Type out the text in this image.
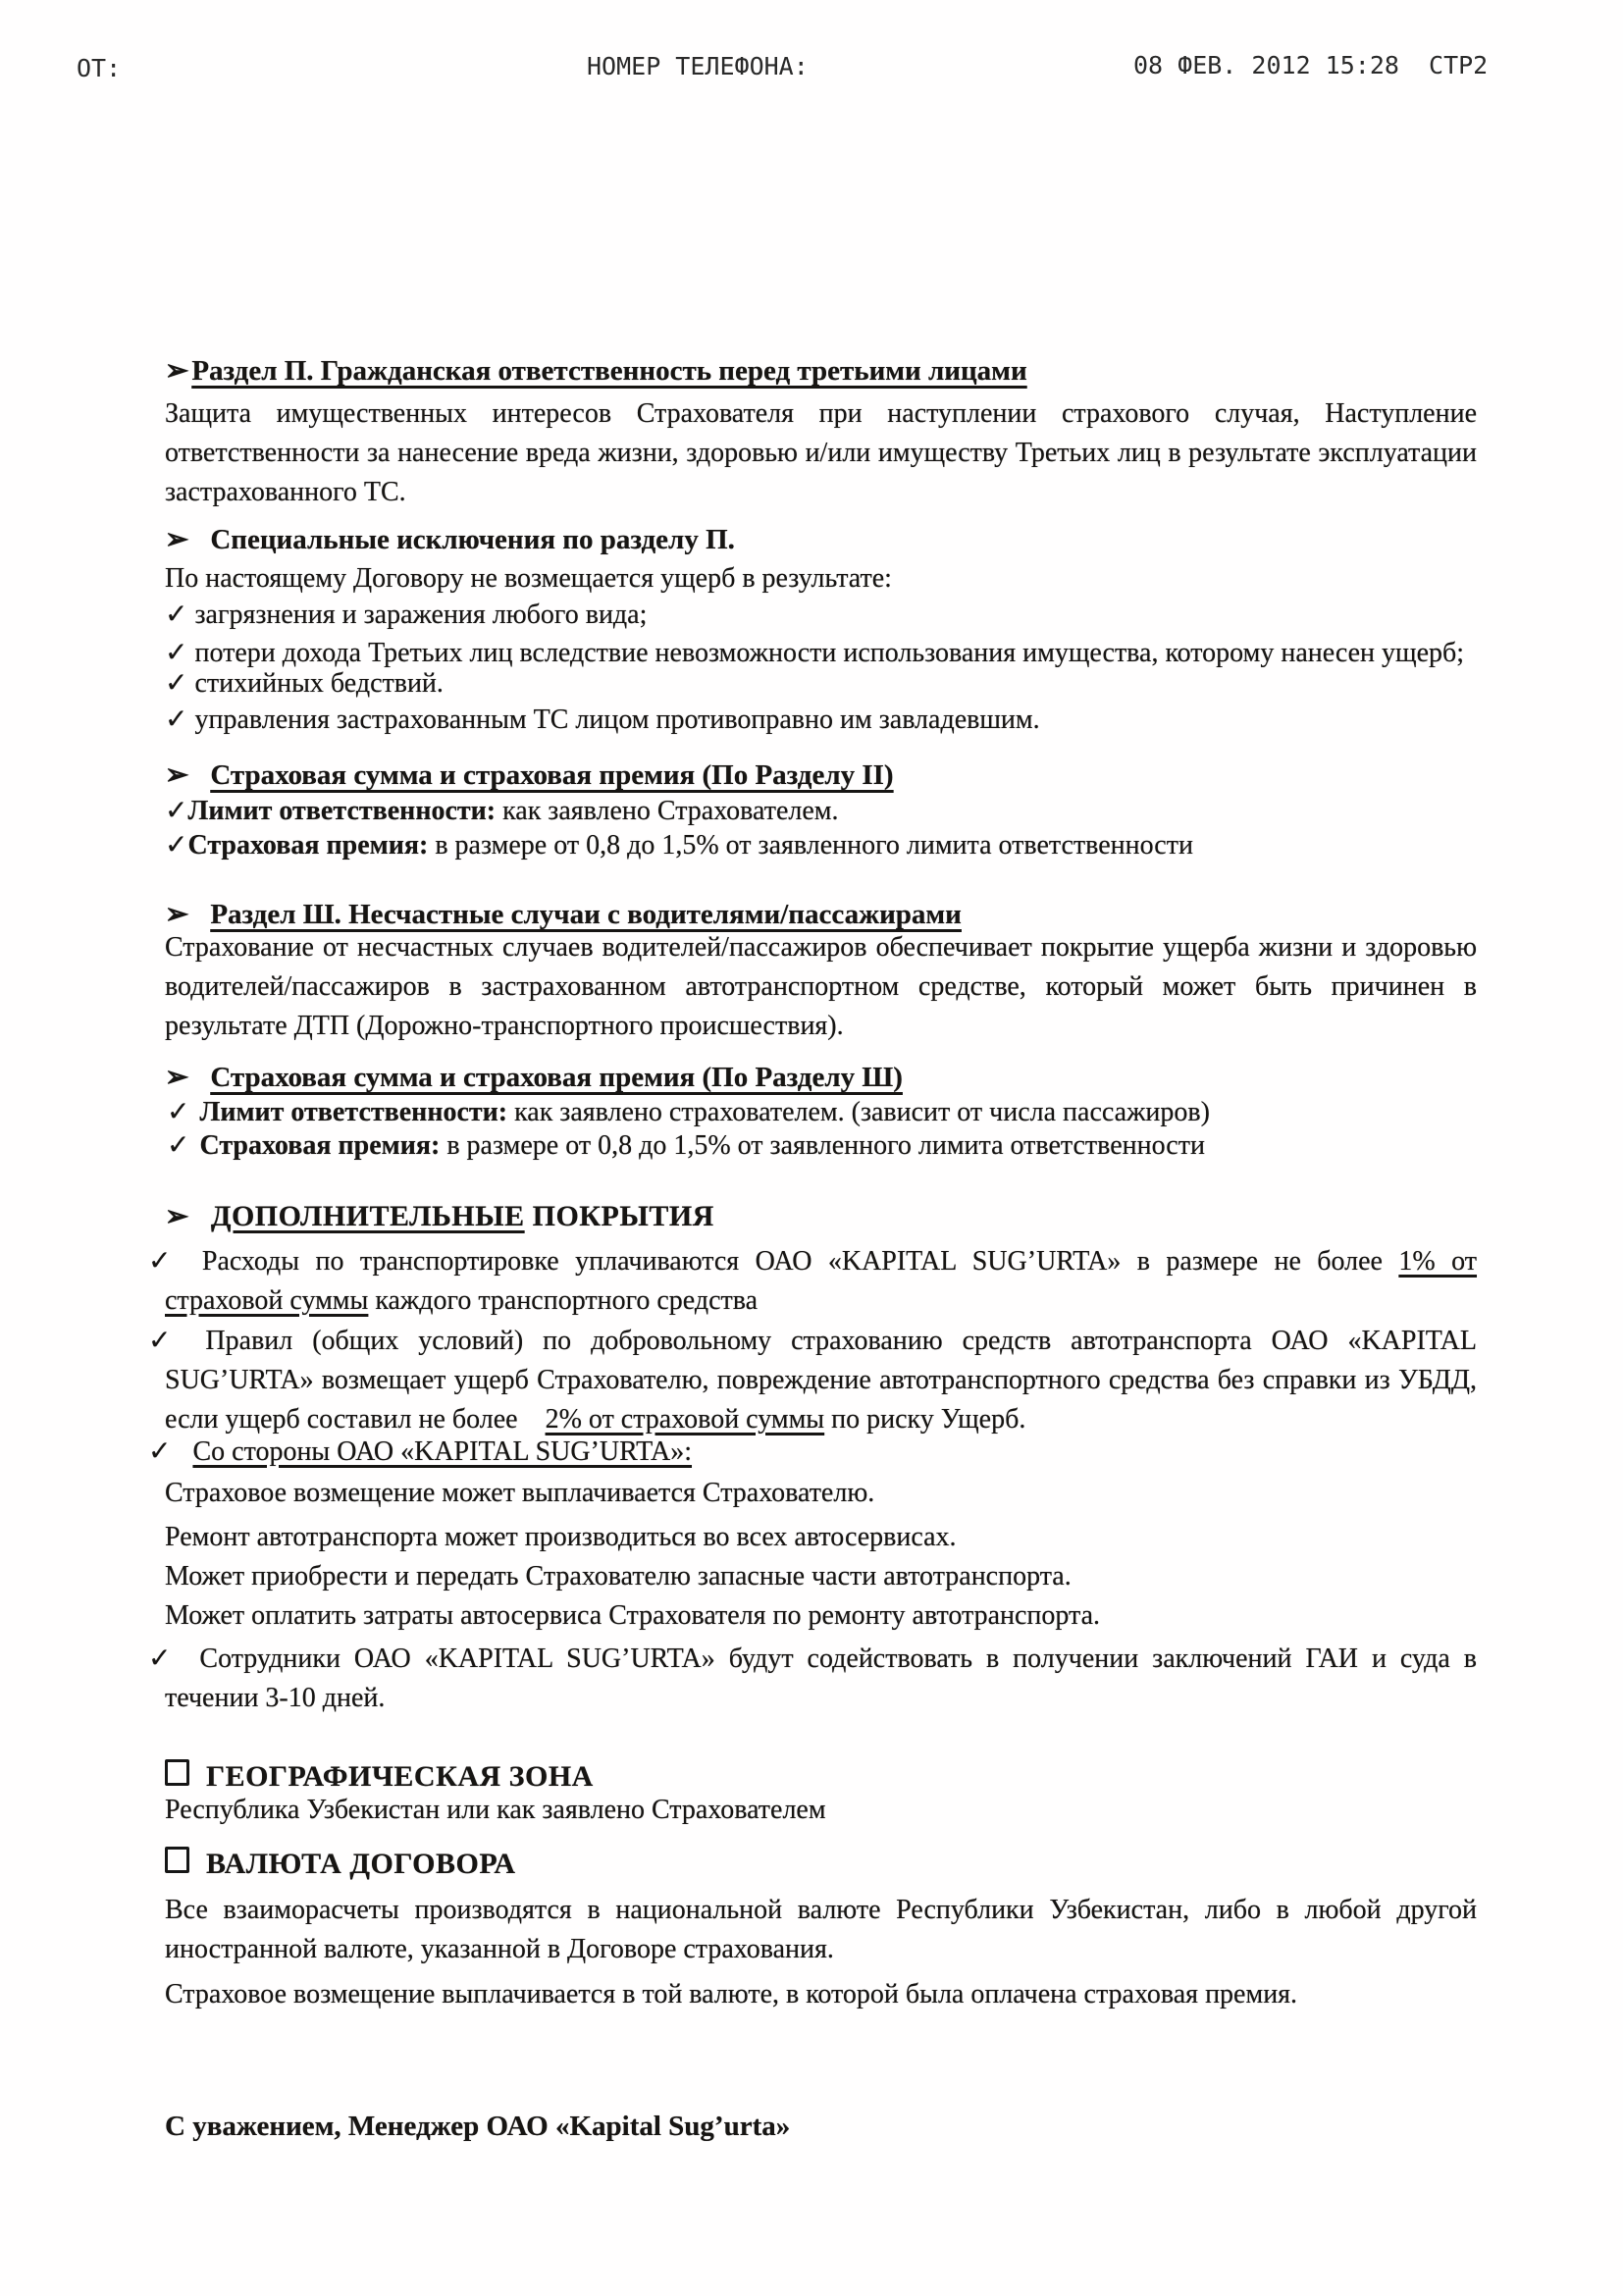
ОТ:	НОМЕР ТЕЛЕФОНА:	08 ФЕВ. 2012 15:28  СТР2

➢ Раздел П. Гражданская ответственность перед третьими лицами

Защита имущественных интересов Страхователя при наступлении страхового случая, Наступление ответственности за нанесение вреда жизни, здоровью и/или имуществу Третьих лиц в результате эксплуатации застрахованного ТС.

➢ Специальные исключения по разделу П.

По настоящему Договору не возмещается ущерб в результате:

✓ загрязнения и заражения любого вида;

✓ потери дохода Третьих лиц вследствие невозможности использования имущества, которому нанесен ущерб;

✓ стихийных бедствий.

✓ управления застрахованным ТС лицом противоправно им завладевшим.

➢ Страховая сумма и страховая премия (По Разделу II)

✓Лимит ответственности: как заявлено Страхователем.

✓Страховая премия: в размере от 0,8 до 1,5% от заявленного лимита ответственности

➢ Раздел Ш. Несчастные случаи с водителями/пассажирами

Страхование от несчастных случаев водителей/пассажиров обеспечивает покрытие ущерба жизни и здоровью водителей/пассажиров в застрахованном автотранспортном средстве, который может быть причинен в результате ДТП (Дорожно-транспортного происшествия).

➢ Страховая сумма и страховая премия (По Разделу Ш)

✓ Лимит ответственности: как заявлено страхователем. (зависит от числа пассажиров)

✓ Страховая премия: в размере от 0,8 до 1,5% от заявленного лимита ответственности

➢ ДОПОЛНИТЕЛЬНЫЕ ПОКРЫТИЯ

✓ Расходы по транспортировке уплачиваются ОАО «KAPITAL SUG’URTA» в размере не более 1% от страховой суммы каждого транспортного средства

✓ Правил (общих условий) по добровольному страхованию средств автотранспорта ОАО «KAPITAL SUG’URTA» возмещает ущерб Страхователю, повреждение автотранспортного средства без справки из УБДД, если ущерб составил не более    2% от страховой суммы по риску Ущерб.

✓ Со стороны ОАО «KAPITAL SUG’URTA»:

Страховое возмещение может выплачивается Страхователю.

Ремонт автотранспорта может производиться во всех автосервисах.

Может приобрести и передать Страхователю запасные части автотранспорта.

Может оплатить затраты автосервиса Страхователя по ремонту автотранспорта.

✓ Сотрудники ОАО «KAPITAL SUG’URTA» будут содействовать в получении заключений ГАИ и суда в течении 3-10 дней.

ГЕОГРАФИЧЕСКАЯ ЗОНА

Республика Узбекистан или как заявлено Страхователем

ВАЛЮТА ДОГОВОРА

Все взаиморасчеты производятся в национальной валюте Республики Узбекистан, либо в любой другой иностранной валюте, указанной в Договоре страхования.

Страховое возмещение выплачивается в той валюте, в которой была оплачена страховая премия.

С уважением, Менеджер ОАО «Kapital Sug’urta»
